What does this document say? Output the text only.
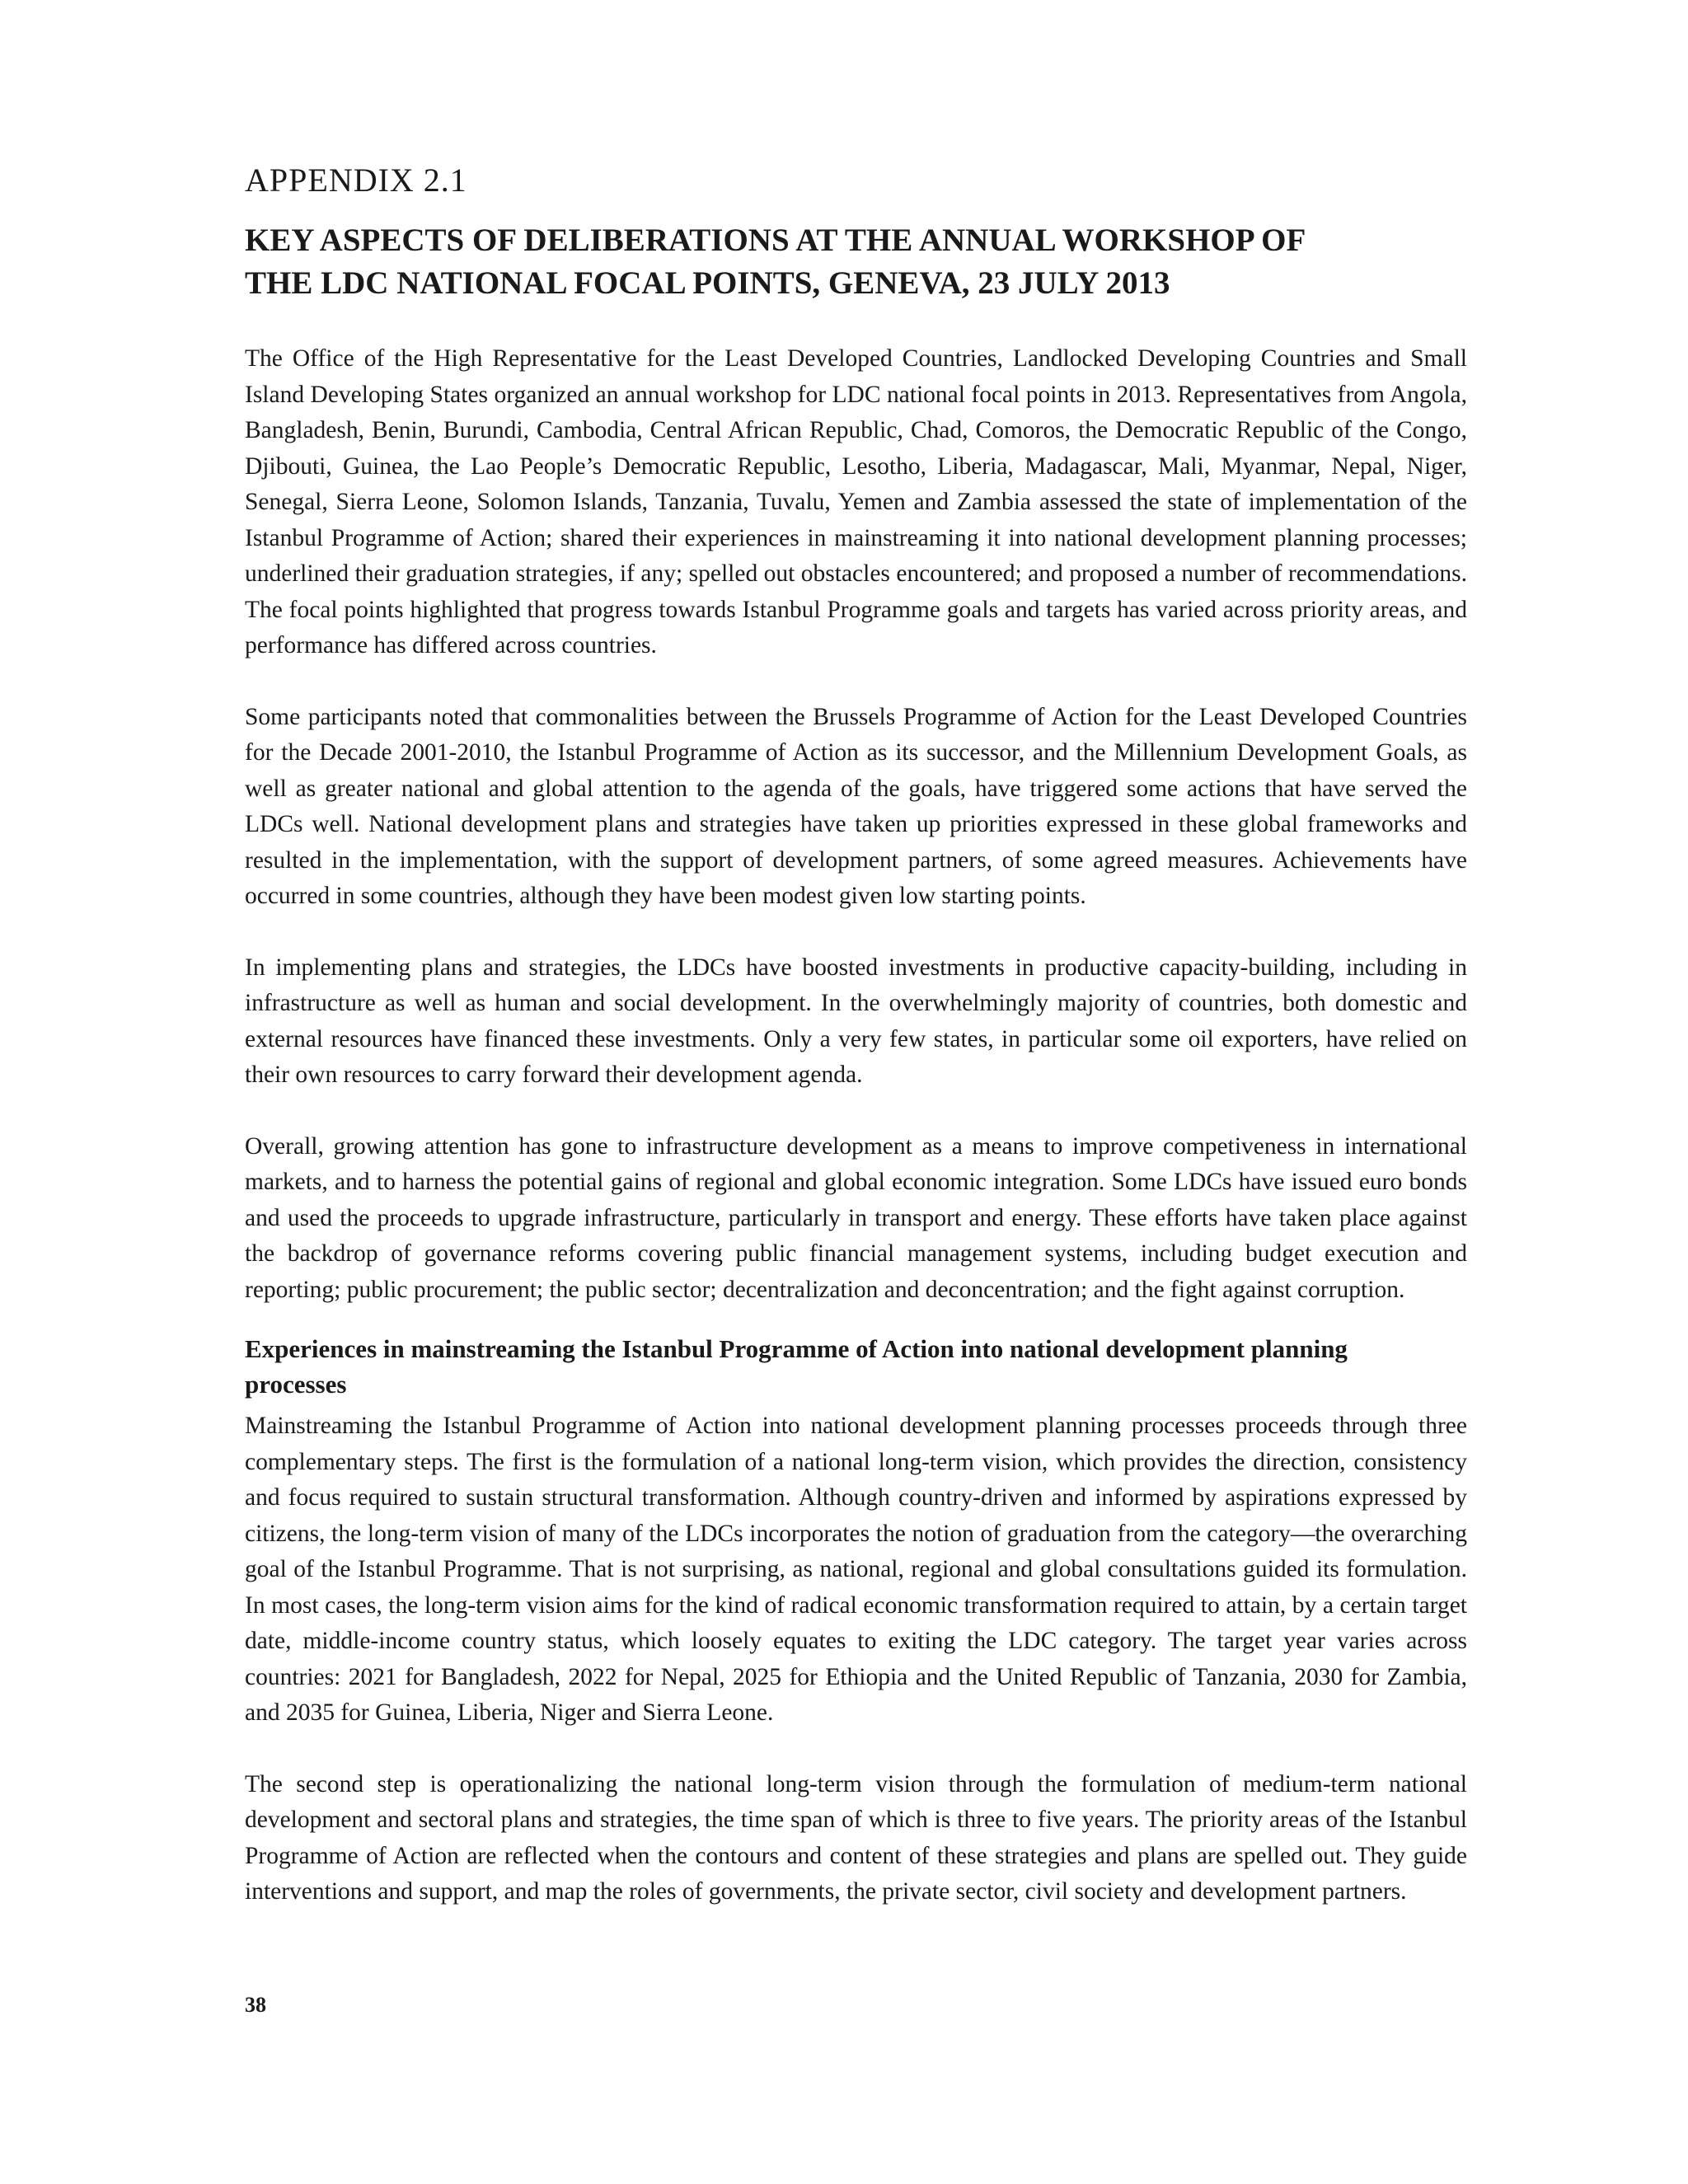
APPENDIX 2.1
KEY ASPECTS OF DELIBERATIONS AT THE ANNUAL WORKSHOP OF
THE LDC NATIONAL FOCAL POINTS, GENEVA, 23 JULY 2013

The Office of the High Representative for the Least Developed Countries, Landlocked Developing Countries and Small Island Developing States organized an annual workshop for LDC national focal points in 2013. Representatives from Angola, Bangladesh, Benin, Burundi, Cambodia, Central African Republic, Chad, Comoros, the Democratic Republic of the Congo, Djibouti, Guinea, the Lao People’s Democratic Republic, Lesotho, Liberia, Madagascar, Mali, Myanmar, Nepal, Niger, Senegal, Sierra Leone, Solomon Islands, Tanzania, Tuvalu, Yemen and Zambia assessed the state of implementation of the Istanbul Programme of Action; shared their experiences in mainstreaming it into national development planning processes; underlined their graduation strategies, if any; spelled out obstacles encountered; and proposed a number of recommendations. The focal points highlighted that progress towards Istanbul Programme goals and targets has varied across priority areas, and performance has differed across countries.

Some participants noted that commonalities between the Brussels Programme of Action for the Least Developed Countries for the Decade 2001-2010, the Istanbul Programme of Action as its successor, and the Millennium Development Goals, as well as greater national and global attention to the agenda of the goals, have triggered some actions that have served the LDCs well. National development plans and strategies have taken up priorities expressed in these global frameworks and resulted in the implementation, with the support of development partners, of some agreed measures. Achievements have occurred in some countries, although they have been modest given low starting points.

In implementing plans and strategies, the LDCs have boosted investments in productive capacity-building, including in infrastructure as well as human and social development. In the overwhelmingly majority of countries, both domestic and external resources have financed these investments. Only a very few states, in particular some oil exporters, have relied on their own resources to carry forward their development agenda.

Overall, growing attention has gone to infrastructure development as a means to improve competiveness in international markets, and to harness the potential gains of regional and global economic integration. Some LDCs have issued euro bonds and used the proceeds to upgrade infrastructure, particularly in transport and energy. These efforts have taken place against the backdrop of governance reforms covering public financial management systems, including budget execution and reporting; public procurement; the public sector; decentralization and deconcentration; and the fight against corruption.

Experiences in mainstreaming the Istanbul Programme of Action into national development planning processes

Mainstreaming the Istanbul Programme of Action into national development planning processes proceeds through three complementary steps. The first is the formulation of a national long-term vision, which provides the direction, consistency and focus required to sustain structural transformation. Although country-driven and informed by aspirations expressed by citizens, the long-term vision of many of the LDCs incorporates the notion of graduation from the category—the overarching goal of the Istanbul Programme. That is not surprising, as national, regional and global consultations guided its formulation. In most cases, the long-term vision aims for the kind of radical economic transformation required to attain, by a certain target date, middle-income country status, which loosely equates to exiting the LDC category. The target year varies across countries: 2021 for Bangladesh, 2022 for Nepal, 2025 for Ethiopia and the United Republic of Tanzania, 2030 for Zambia, and 2035 for Guinea, Liberia, Niger and Sierra Leone.

The second step is operationalizing the national long-term vision through the formulation of medium-term national development and sectoral plans and strategies, the time span of which is three to five years. The priority areas of the Istanbul Programme of Action are reflected when the contours and content of these strategies and plans are spelled out. They guide interventions and support, and map the roles of governments, the private sector, civil society and development partners.

38
